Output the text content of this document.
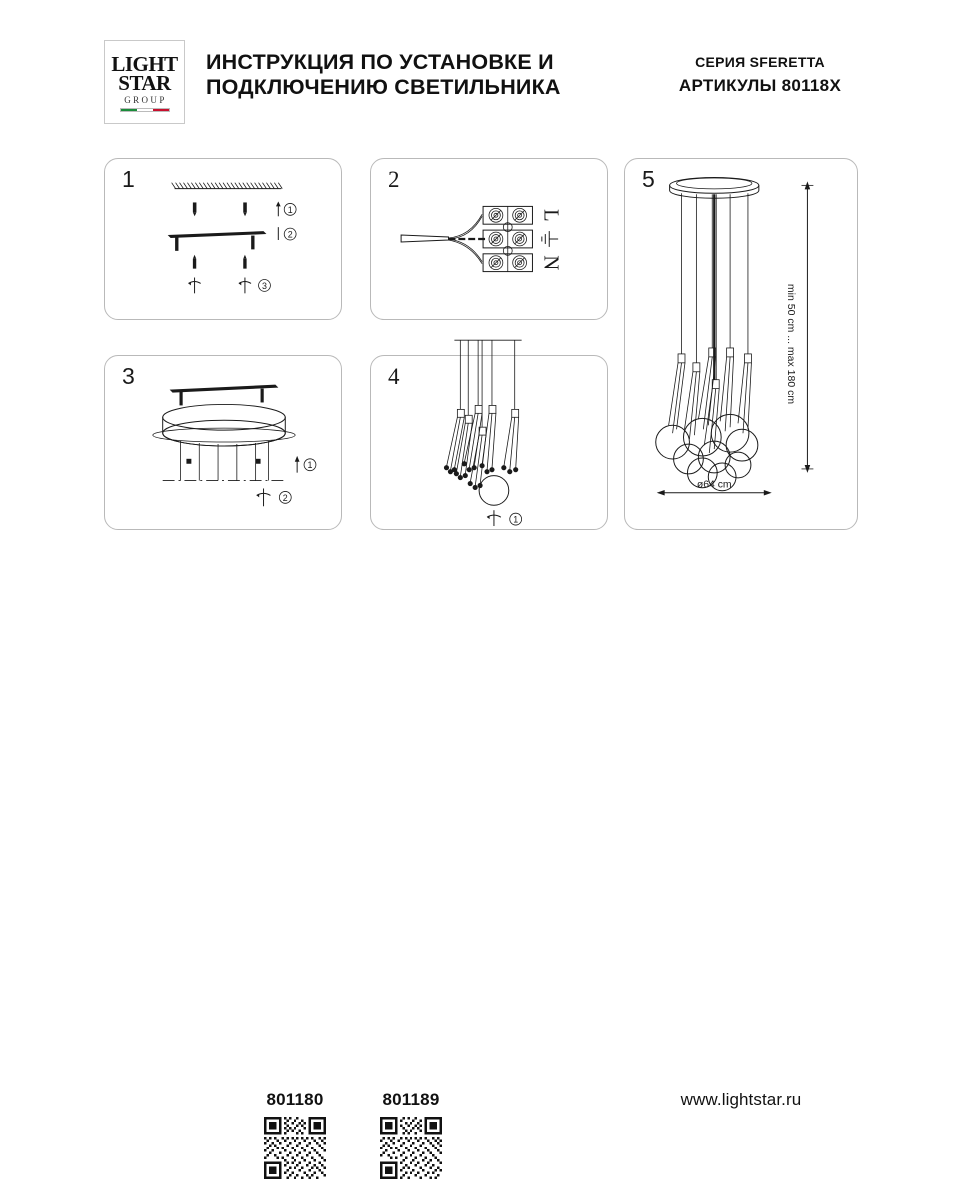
LIGHT
STAR
GROUP
ИНСТРУКЦИЯ ПО УСТАНОВКЕ И
ПОДКЛЮЧЕНИЮ СВЕТИЛЬНИКА
СЕРИЯ SFERETTA
АРТИКУЛЫ 80118X
1
1
2
3
2
L
N
3
1
2
4
1
5
ø64 cm
min 50 cm ... max 180 cm
801180	801189	www.lightstar.ru
